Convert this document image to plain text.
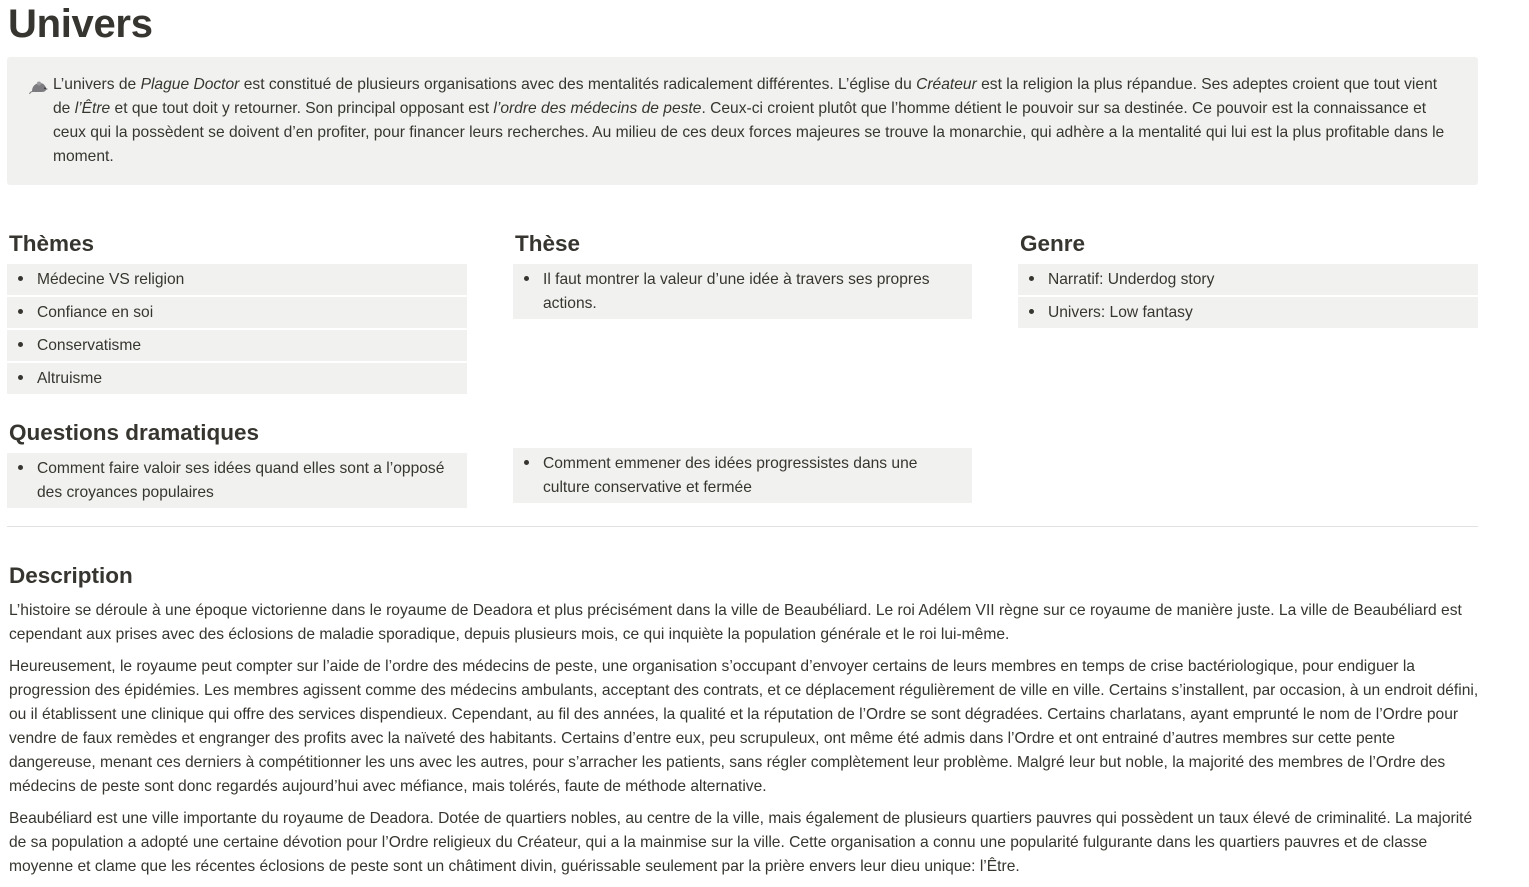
Univers

L’univers de Plague Doctor est constitué de plusieurs organisations avec des mentalités radicalement différentes. L’église du Créateur est la religion la plus répandue. Ses adeptes croient que tout vient de l’Être et que tout doit y retourner. Son principal opposant est l’ordre des médecins de peste. Ceux-ci croient plutôt que l’homme détient le pouvoir sur sa destinée. Ce pouvoir est la connaissance et ceux qui la possèdent se doivent d’en profiter, pour financer leurs recherches. Au milieu de ces deux forces majeures se trouve la monarchie, qui adhère a la mentalité qui lui est la plus profitable dans le moment.

Thèmes
Médecine VS religion
Confiance en soi
Conservatisme
Altruisme
Thèse
Il faut montrer la valeur d’une idée à travers ses propres actions.
Genre
Narratif: Underdog story
Univers: Low fantasy
Questions dramatiques
Comment faire valoir ses idées quand elles sont a l’opposé des croyances populaires
Comment emmener des idées progressistes dans une culture conservative et fermée
Description

L’histoire se déroule à une époque victorienne dans le royaume de Deadora et plus précisément dans la ville de Beaubéliard. Le roi Adélem VII règne sur ce royaume de manière juste. La ville de Beaubéliard est cependant aux prises avec des éclosions de maladie sporadique, depuis plusieurs mois, ce qui inquiète la population générale et le roi lui-même.

Heureusement, le royaume peut compter sur l’aide de l’ordre des médecins de peste, une organisation s’occupant d’envoyer certains de leurs membres en temps de crise bactériologique, pour endiguer la progression des épidémies. Les membres agissent comme des médecins ambulants, acceptant des contrats, et ce déplacement régulièrement de ville en ville. Certains s’installent, par occasion, à un endroit défini, ou il établissent une clinique qui offre des services dispendieux. Cependant, au fil des années, la qualité et la réputation de l’Ordre se sont dégradées. Certains charlatans, ayant emprunté le nom de l’Ordre pour vendre de faux remèdes et engranger des profits avec la naïveté des habitants. Certains d’entre eux, peu scrupuleux, ont même été admis dans l’Ordre et ont entrainé d’autres membres sur cette pente dangereuse, menant ces derniers à compétitionner les uns avec les autres, pour s’arracher les patients, sans régler complètement leur problème. Malgré leur but noble, la majorité des membres de l’Ordre des médecins de peste sont donc regardés aujourd’hui avec méfiance, mais tolérés, faute de méthode alternative.

Beaubéliard est une ville importante du royaume de Deadora. Dotée de quartiers nobles, au centre de la ville, mais également de plusieurs quartiers pauvres qui possèdent un taux élevé de criminalité. La majorité de sa population a adopté une certaine dévotion pour l’Ordre religieux du Créateur, qui a la mainmise sur la ville. Cette organisation a connu une popularité fulgurante dans les quartiers pauvres et de classe moyenne et clame que les récentes éclosions de peste sont un châtiment divin, guérissable seulement par la prière envers leur dieu unique: l’Être.
